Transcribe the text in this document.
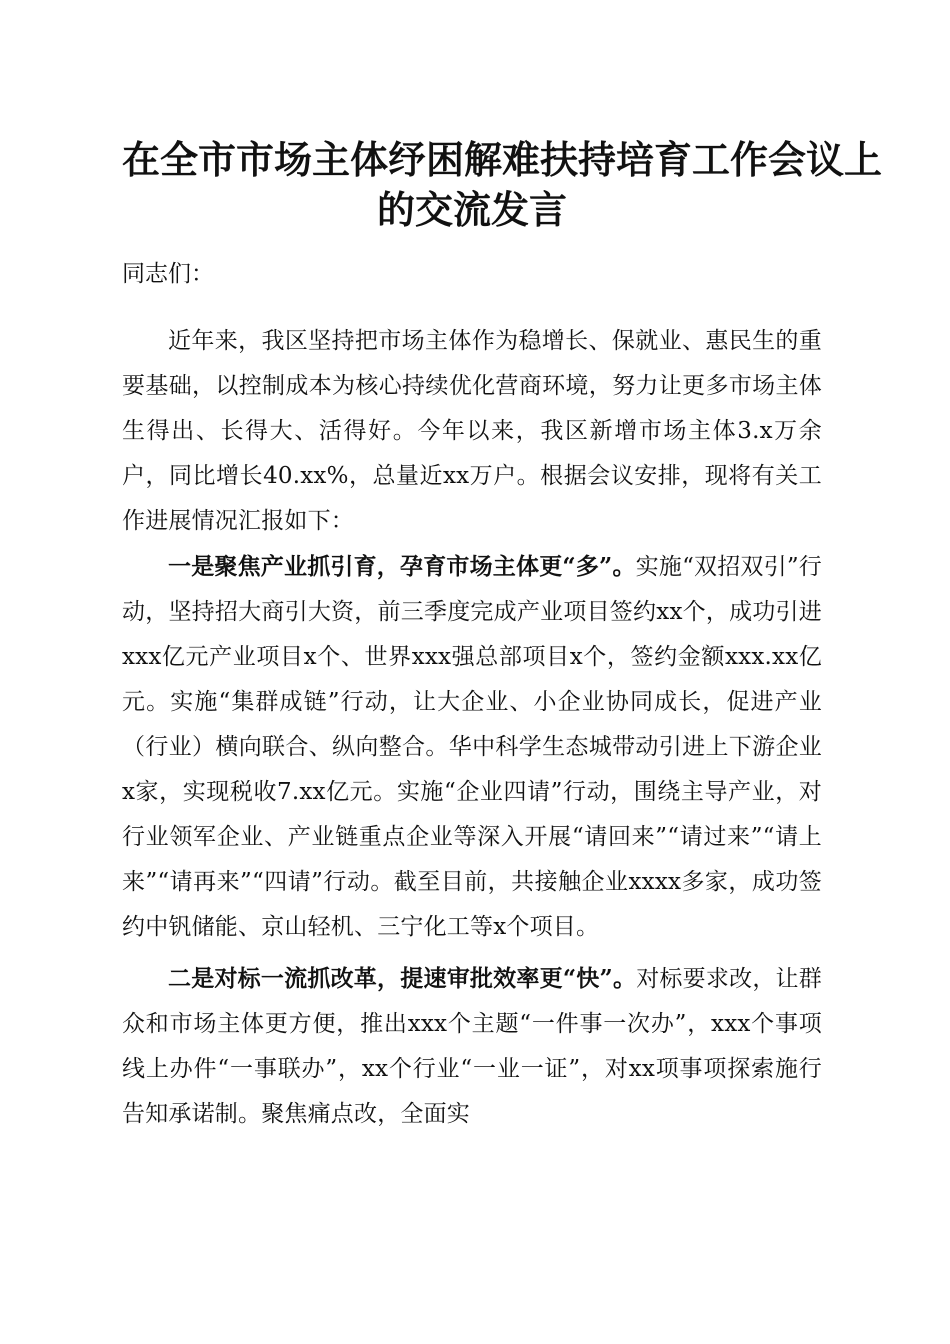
在全市市场主体纾困解难扶持培育工作会议上
的交流发言

同志们：

近年来，我区坚持把市场主体作为稳增长、保就业、惠民生的重要基础，以控制成本为核心持续优化营商环境，努力让更多市场主体生得出、长得大、活得好。今年以来，我区新增市场主体3.x万余户，同比增长40.xx%，总量近xx万户。根据会议安排，现将有关工作进展情况汇报如下：

一是聚焦产业抓引育，孕育市场主体更“多”。实施“双招双引”行动，坚持招大商引大资，前三季度完成产业项目签约xx个，成功引进xxx亿元产业项目x个、世界xxx强总部项目x个，签约金额xxx.xx亿元。实施“集群成链”行动，让大企业、小企业协同成长，促进产业（行业）横向联合、纵向整合。华中科学生态城带动引进上下游企业x家，实现税收7.xx亿元。实施“企业四请”行动，围绕主导产业，对行业领军企业、产业链重点企业等深入开展“请回来”“请过来”“请上来”“请再来”“四请”行动。截至目前，共接触企业xxxx多家，成功签约中钒储能、京山轻机、三宁化工等x个项目。

二是对标一流抓改革，提速审批效率更“快”。对标要求改，让群众和市场主体更方便，推出xxx个主题“一件事一次办”，xxx个事项线上办件“一事联办”，xx个行业“一业一证”，对xx项事项探索施行告知承诺制。聚焦痛点改，全面实
